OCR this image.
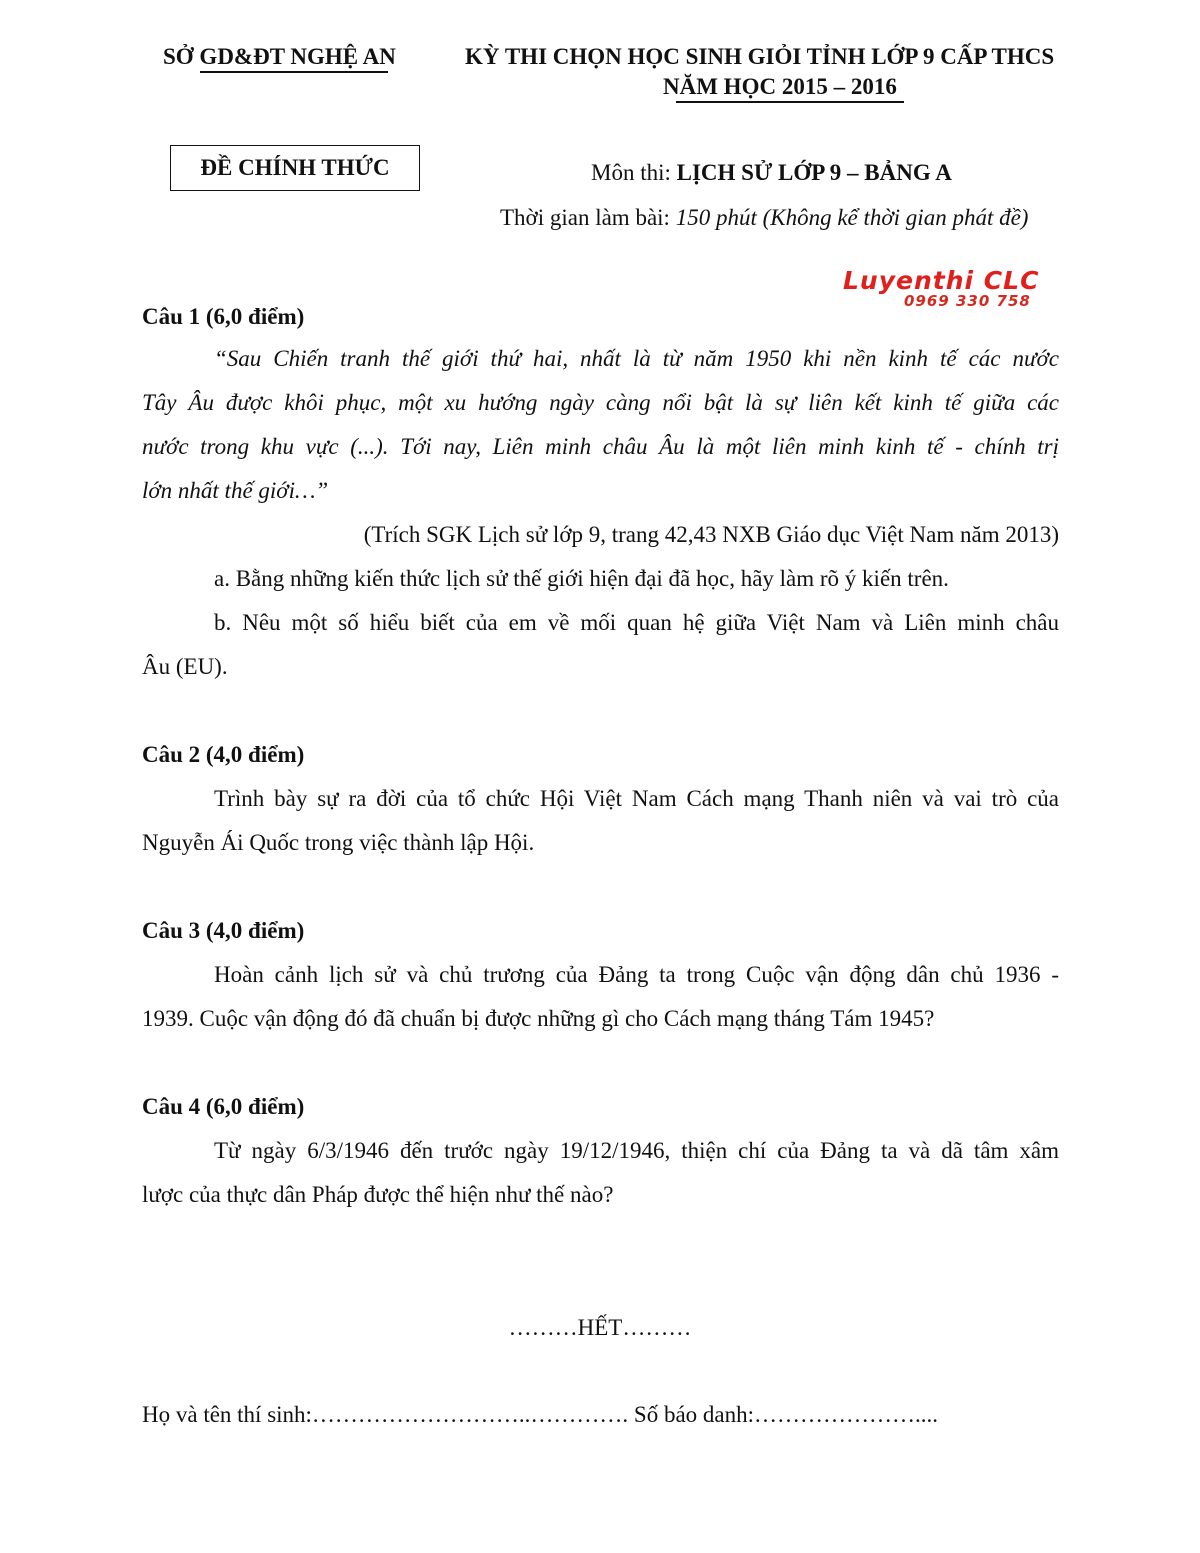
SỞ GD&ĐT NGHỆ AN	KỲ THI CHỌN HỌC SINH GIỎI TỈNH LỚP 9 CẤP THCS
NĂM HỌC 2015 – 2016
ĐỀ CHÍNH THỨC	Môn thi: LỊCH SỬ LỚP 9 – BẢNG A
Thời gian làm bài: 150 phút (Không kể thời gian phát đề)
Luyenthi CLC
0969 330 758
Câu 1 (6,0 điểm)
“Sau Chiến tranh thế giới thứ hai, nhất là từ năm 1950 khi nền kinh tế các nước
Tây Âu được khôi phục, một xu hướng ngày càng nổi bật là sự liên kết kinh tế giữa các
nước trong khu vực (...). Tới nay, Liên minh châu Âu là một liên minh kinh tế - chính trị
lớn nhất thế giới…”
(Trích SGK Lịch sử lớp 9, trang 42,43 NXB Giáo dục Việt Nam năm 2013)
a. Bằng những kiến thức lịch sử thế giới hiện đại đã học, hãy làm rõ ý kiến trên.
b. Nêu một số hiểu biết của em về mối quan hệ giữa Việt Nam và Liên minh châu
Âu (EU).
Câu 2 (4,0 điểm)
Trình bày sự ra đời của tổ chức Hội Việt Nam Cách mạng Thanh niên và vai trò của
Nguyễn Ái Quốc trong việc thành lập Hội.
Câu 3 (4,0 điểm)
Hoàn cảnh lịch sử và chủ trương của Đảng ta trong Cuộc vận động dân chủ 1936 -
1939. Cuộc vận động đó đã chuẩn bị được những gì cho Cách mạng tháng Tám 1945?
Câu 4 (6,0 điểm)
Từ ngày 6/3/1946 đến trước ngày 19/12/1946, thiện chí của Đảng ta và dã tâm xâm
lược của thực dân Pháp được thể hiện như thế nào?
………HẾT………
Họ và tên thí sinh:………………………..…………. Số báo danh:…………………....
